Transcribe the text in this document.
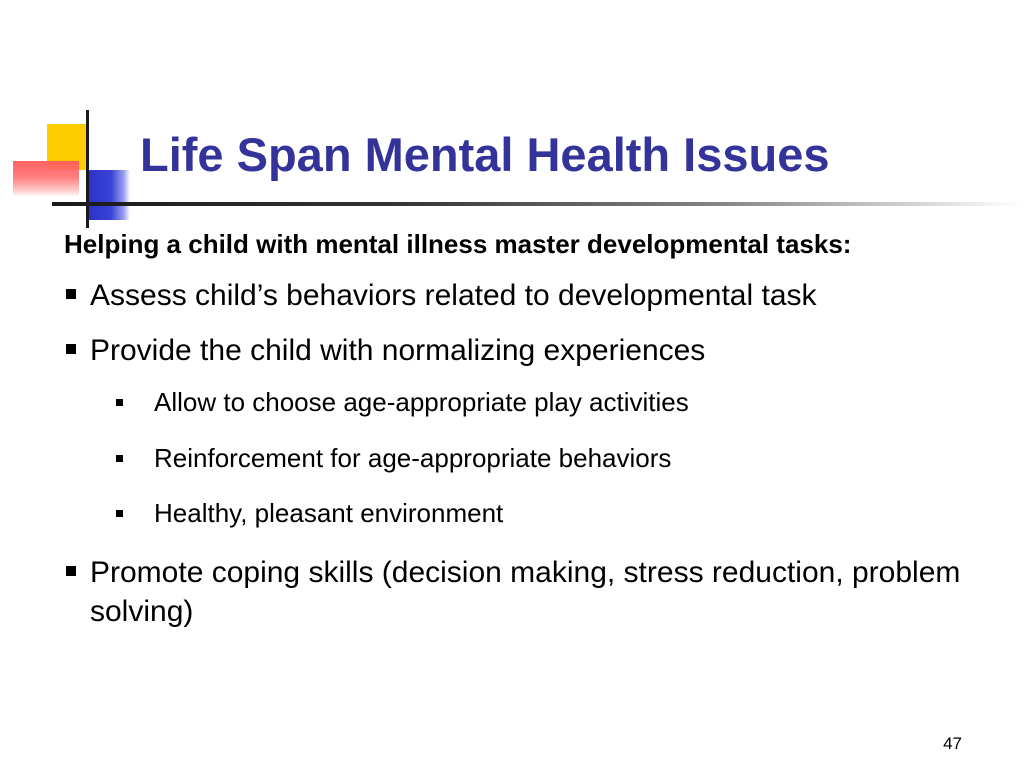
Life Span Mental Health Issues

Helping a child with mental illness master developmental tasks:

Assess child’s behaviors related to developmental task
Provide the child with normalizing experiences
Allow to choose age-appropriate play activities
Reinforcement for age-appropriate behaviors
Healthy, pleasant environment
Promote coping skills (decision making, stress reduction, problem solving)
47
